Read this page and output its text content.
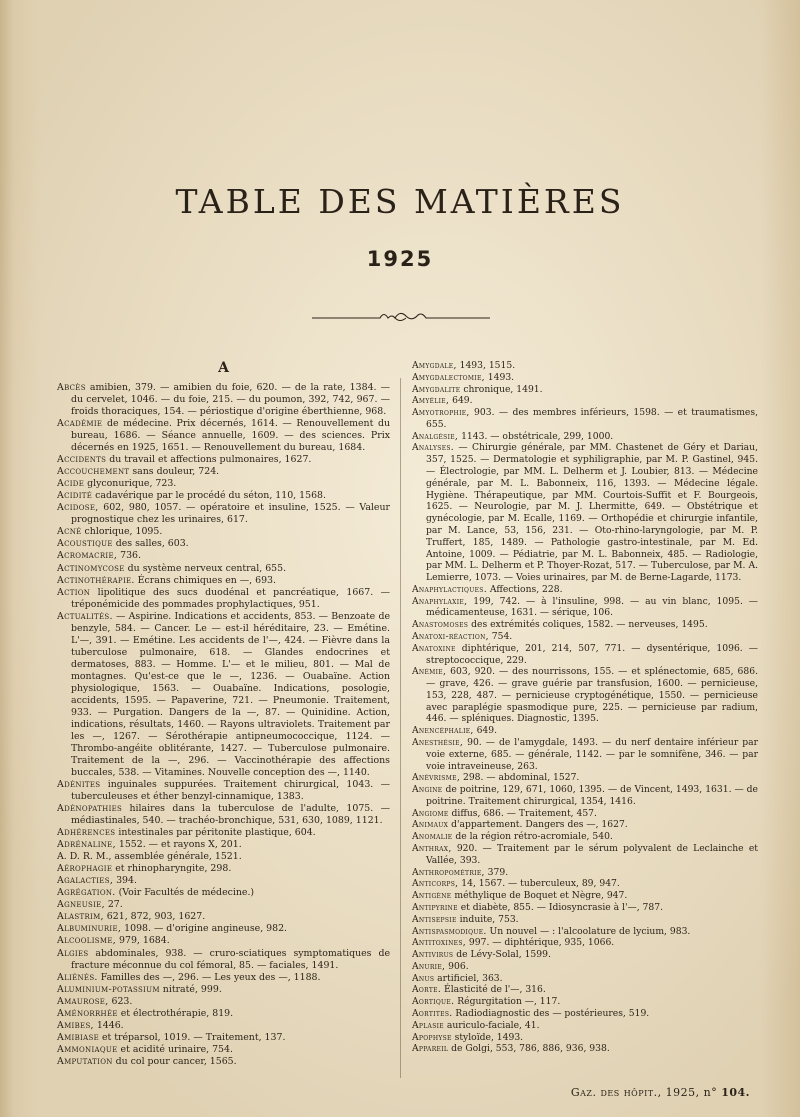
TABLE DES MATIÈRES
1925
A

Abcès amibien, 379. — amibien du foie, 620. — de la rate, 1384. — du cervelet, 1046. — du foie, 215. — du poumon, 392, 742, 967. — froids thoraciques, 154. — périostique d'origine éberthienne, 968.

Académie de médecine. Prix décernés, 1614. — Renouvellement du bureau, 1686. — Séance annuelle, 1609. — des sciences. Prix décernés en 1925, 1651. — Renouvellement du bureau, 1684.

Accidents du travail et affections pulmonaires, 1627.

Accouchement sans douleur, 724.

Acide glyconurique, 723.

Acidité cadavérique par le procédé du séton, 110, 1568.

Acidose, 602, 980, 1057. — opératoire et insuline, 1525. — Valeur prognostique chez les urinaires, 617.

Acné chlorique, 1095.

Acoustique des salles, 603.

Acromacrie, 736.

Actinomycose du système nerveux central, 655.

Actinothérapie. Écrans chimiques en —, 693.

Action lipolitique des sucs duodénal et pancréatique, 1667. — tréponémicide des pommades prophylactiques, 951.

Actualités. — Aspirine. Indications et accidents, 853. — Benzoate de benzyle, 584. — Cancer. Le — est-il héréditaire, 23. — Emétine. L'—, 391. — Emétine. Les accidents de l'—, 424. — Fièvre dans la tuberculose pulmonaire, 618. — Glandes endocrines et dermatoses, 883. — Homme. L'— et le milieu, 801. — Mal de montagnes. Qu'est-ce que le —, 1236. — Ouabaïne. Action physiologique, 1563. — Ouabaïne. Indications, posologie, accidents, 1595. — Papaverine, 721. — Pneumonie. Traitement, 933. — Purgation. Dangers de la —, 87. — Quinidine. Action, indications, résultats, 1460. — Rayons ultraviolets. Traitement par les —, 1267. — Sérothérapie antipneumococcique, 1124. — Thrombo-angéite oblitérante, 1427. — Tuberculose pulmonaire. Traitement de la —, 296. — Vaccinothérapie des affections buccales, 538. — Vitamines. Nouvelle conception des —, 1140.

Adénites inguinales suppurées. Traitement chirurgical, 1043. — tuberculeuses et éther benzyl-cinnamique, 1383.

Adénopathies hilaires dans la tuberculose de l'adulte, 1075. — médiastinales, 540. — trachéo-bronchique, 531, 630, 1089, 1121.

Adhérences intestinales par péritonite plastique, 604.

Adrénaline, 1552. — et rayons X, 201.

A. D. R. M., assemblée générale, 1521.

Aérophagie et rhinopharyngite, 298.

Agalacties, 394.

Agrégation. (Voir Facultés de médecine.)

Agneusie, 27.

Alastrim, 621, 872, 903, 1627.

Albuminurie, 1098. — d'origine angineuse, 982.

Alcoolisme, 979, 1684.

Algies abdominales, 938. — cruro-sciatiques symptomatiques de fracture méconnue du col fémoral, 85. — faciales, 1491.

Aliénés. Familles des —, 296. — Les yeux des —, 1188.

Aluminium-potassium nitraté, 999.

Amaurose, 623.

Aménorrhée et électrothérapie, 819.

Amibes, 1446.

Amibiase et tréparsol, 1019. — Traitement, 137.

Ammoniaque et acidité urinaire, 754.

Amputation du col pour cancer, 1565.

Amygdale, 1493, 1515.

Amygdalectomie, 1493.

Amygdalite chronique, 1491.

Amyélie, 649.

Amyotrophie, 903. — des membres inférieurs, 1598. — et traumatismes, 655.

Analgésie, 1143. — obstétricale, 299, 1000.

Analyses. — Chirurgie générale, par MM. Chastenet de Géry et Dariau, 357, 1525. — Dermatologie et syphiligraphie, par M. P. Gastinel, 945. — Électrologie, par MM. L. Delherm et J. Loubier, 813. — Médecine générale, par M. L. Babonneix, 116, 1393. — Médecine légale. Hygiène. Thérapeutique, par MM. Courtois-Suffit et F. Bourgeois, 1625. — Neurologie, par M. J. Lhermitte, 649. — Obstétrique et gynécologie, par M. Ecalle, 1169. — Orthopédie et chirurgie infantile, par M. Lance, 53, 156, 231. — Oto-rhino-laryngologie, par M. P. Truffert, 185, 1489. — Pathologie gastro-intestinale, par M. Ed. Antoine, 1009. — Pédiatrie, par M. L. Babonneix, 485. — Radiologie, par MM. L. Delherm et P. Thoyer-Rozat, 517. — Tuberculose, par M. A. Lemierre, 1073. — Voies urinaires, par M. de Berne-Lagarde, 1173.

Anaphylactiques. Affections, 228.

Anaphylaxie, 199, 742. — à l'insuline, 998. — au vin blanc, 1095. — médicamenteuse, 1631. — sérique, 106.

Anastomoses des extrémités coliques, 1582. — nerveuses, 1495.

Anatoxi-réaction, 754.

Anatoxine diphtérique, 201, 214, 507, 771. — dysentérique, 1096. — streptococcique, 229.

Anémie, 603, 920. — des nourrissons, 155. — et splénectomie, 685, 686. — grave, 426. — grave guérie par transfusion, 1600. — pernicieuse, 153, 228, 487. — pernicieuse cryptogénétique, 1550. — pernicieuse avec paraplégie spasmodique pure, 225. — pernicieuse par radium, 446. — spléniques. Diagnostic, 1395.

Anencéphalie, 649.

Anesthésie, 90. — de l'amygdale, 1493. — du nerf dentaire inférieur par voie externe, 685. — générale, 1142. — par le somnifène, 346. — par voie intraveineuse, 263.

Anévrisme, 298. — abdominal, 1527.

Angine de poitrine, 129, 671, 1060, 1395. — de Vincent, 1493, 1631. — de poitrine. Traitement chirurgical, 1354, 1416.

Angiome diffus, 686. — Traitement, 457.

Animaux d'appartement. Dangers des —, 1627.

Anomalie de la région rétro-acromiale, 540.

Anthrax, 920. — Traitement par le sérum polyvalent de Leclainche et Vallée, 393.

Anthropométrie, 379.

Anticorps, 14, 1567. — tuberculeux, 89, 947.

Antigène méthylique de Boquet et Nègre, 947.

Antipyrine et diabète, 855. — Idiosyncrasie à l'—, 787.

Antisepsie induite, 753.

Antispasmodique. Un nouvel — : l'alcoolature de lycium, 983.

Antitoxines, 997. — diphtérique, 935, 1066.

Antivirus de Lévy-Solal, 1599.

Anurie, 906.

Anus artificiel, 363.

Aorte. Élasticité de l'—, 316.

Aortique. Régurgitation —, 117.

Aortites. Radiodiagnostic des — postérieures, 519.

Aplasie auriculo-faciale, 41.

Apophyse styloïde, 1493.

Appareil de Golgi, 553, 786, 886, 936, 938.

Gaz. des hôpit., 1925, n° 104.
